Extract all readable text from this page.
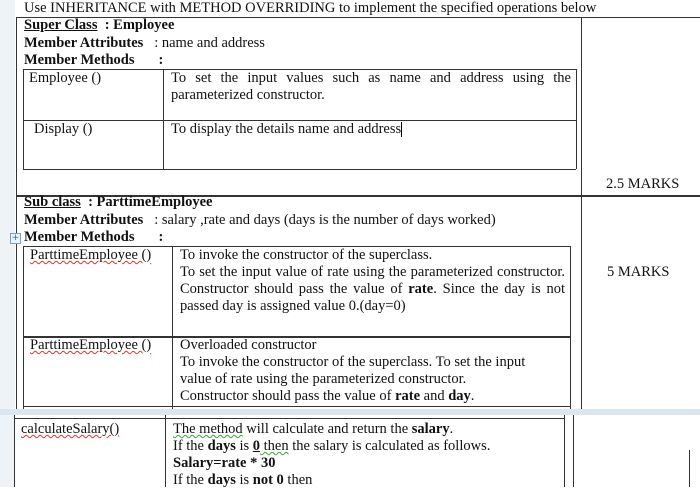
Use INHERITANCE with METHOD OVERRIDING to implement the specified operations below
Super Class : Employee
Member Attributes : name and address
Member Methods :
Employee ()	To set the input values such as name and address using the parameterized constructor.
Display ()	To display the details name and address
2.5 MARKS
Sub class : ParttimeEmployee
Member Attributes : salary ,rate and days (days is the number of days worked)
+ Member Methods :
ParttimeEmployee () To invoke the constructor of the superclass.
To set the input value of rate using the parameterized constructor. Constructor should pass the value of rate. Since the day is not passed day is assigned value 0.(day=0)
ParttimeEmployee () Overloaded constructor
To invoke the constructor of the superclass. To set the input
value of rate using the parameterized constructor.
Constructor should pass the value of rate and day.
5 MARKS
calculateSalary()	The method will calculate and return the salary.
If the days is 0 then the salary is calculated as follows.
Salary=rate * 30
If the days is not 0 then
